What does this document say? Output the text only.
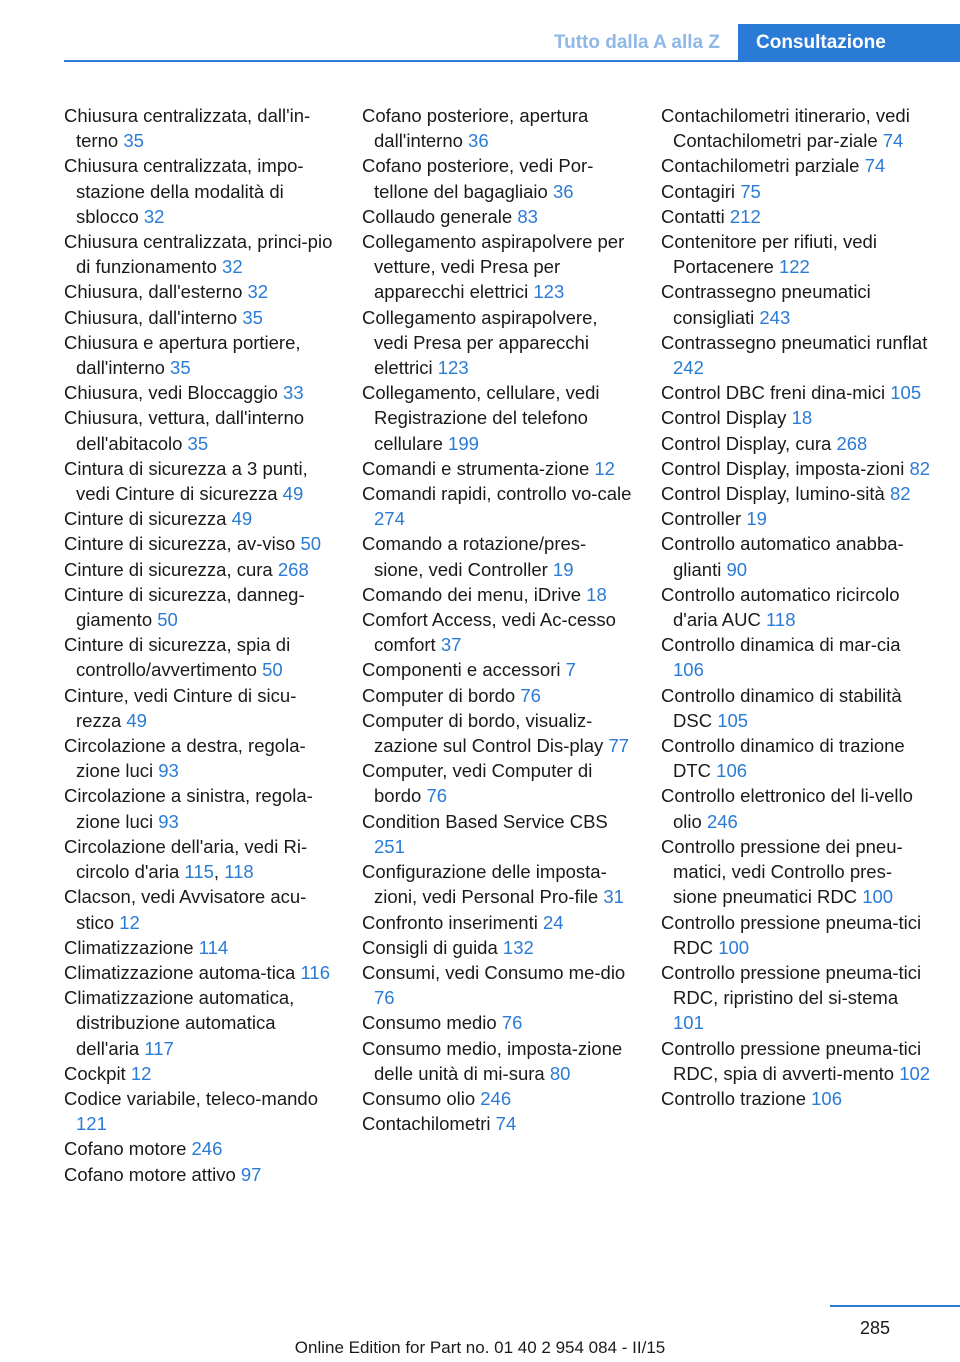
Tutto dalla A alla Z	Consultazione

Chiusura centralizzata, dall'in‐terno 35

Chiusura centralizzata, impo‐stazione della modalità di sblocco 32

Chiusura centralizzata, princi‐pio di funzionamento 32

Chiusura, dall'esterno 32

Chiusura, dall'interno 35

Chiusura e apertura portiere, dall'interno 35

Chiusura, vedi Bloccaggio 33

Chiusura, vettura, dall'interno dell'abitacolo 35

Cintura di sicurezza a 3 punti, vedi Cinture di sicurezza 49

Cinture di sicurezza 49

Cinture di sicurezza, av‐viso 50

Cinture di sicurezza, cura 268

Cinture di sicurezza, danneg‐giamento 50

Cinture di sicurezza, spia di controllo/avvertimento 50

Cinture, vedi Cinture di sicu‐rezza 49

Circolazione a destra, regola‐zione luci 93

Circolazione a sinistra, regola‐zione luci 93

Circolazione dell'aria, vedi Ri‐circolo d'aria 115, 118

Clacson, vedi Avvisatore acu‐stico 12

Climatizzazione 114

Climatizzazione automa‐tica 116

Climatizzazione automatica, distribuzione automatica dell'aria 117

Cockpit 12

Codice variabile, teleco‐mando 121

Cofano motore 246

Cofano motore attivo 97

Cofano posteriore, apertura dall'interno 36

Cofano posteriore, vedi Por‐tellone del bagagliaio 36

Collaudo generale 83

Collegamento aspirapolvere per vetture, vedi Presa per apparecchi elettrici 123

Collegamento aspirapolvere, vedi Presa per apparecchi elettrici 123

Collegamento, cellulare, vedi Registrazione del telefono cellulare 199

Comandi e strumenta‐zione 12

Comandi rapidi, controllo vo‐cale 274

Comando a rotazione/pres‐sione, vedi Controller 19

Comando dei menu, iDrive 18

Comfort Access, vedi Ac‐cesso comfort 37

Componenti e accessori 7

Computer di bordo 76

Computer di bordo, visualiz‐zazione sul Control Dis‐play 77

Computer, vedi Computer di bordo 76

Condition Based Service CBS 251

Configurazione delle imposta‐zioni, vedi Personal Pro‐file 31

Confronto inserimenti 24

Consigli di guida 132

Consumi, vedi Consumo me‐dio 76

Consumo medio 76

Consumo medio, imposta‐zione delle unità di mi‐sura 80

Consumo olio 246

Contachilometri 74

Contachilometri itinerario, vedi Contachilometri par‐ziale 74

Contachilometri parziale 74

Contagiri 75

Contatti 212

Contenitore per rifiuti, vedi Portacenere 122

Contrassegno pneumatici consigliati 243

Contrassegno pneumatici runflat 242

Control DBC freni dina‐mici 105

Control Display 18

Control Display, cura 268

Control Display, imposta‐zioni 82

Control Display, lumino‐sità 82

Controller 19

Controllo automatico anabba‐glianti 90

Controllo automatico ricircolo d'aria AUC 118

Controllo dinamica di mar‐cia 106

Controllo dinamico di stabilità DSC 105

Controllo dinamico di trazione DTC 106

Controllo elettronico del li‐vello olio 246

Controllo pressione dei pneu‐matici, vedi Controllo pres‐sione pneumatici RDC 100

Controllo pressione pneuma‐tici RDC 100

Controllo pressione pneuma‐tici RDC, ripristino del si‐stema 101

Controllo pressione pneuma‐tici RDC, spia di avverti‐mento 102

Controllo trazione 106

285
Online Edition for Part no. 01 40 2 954 084 - II/15
